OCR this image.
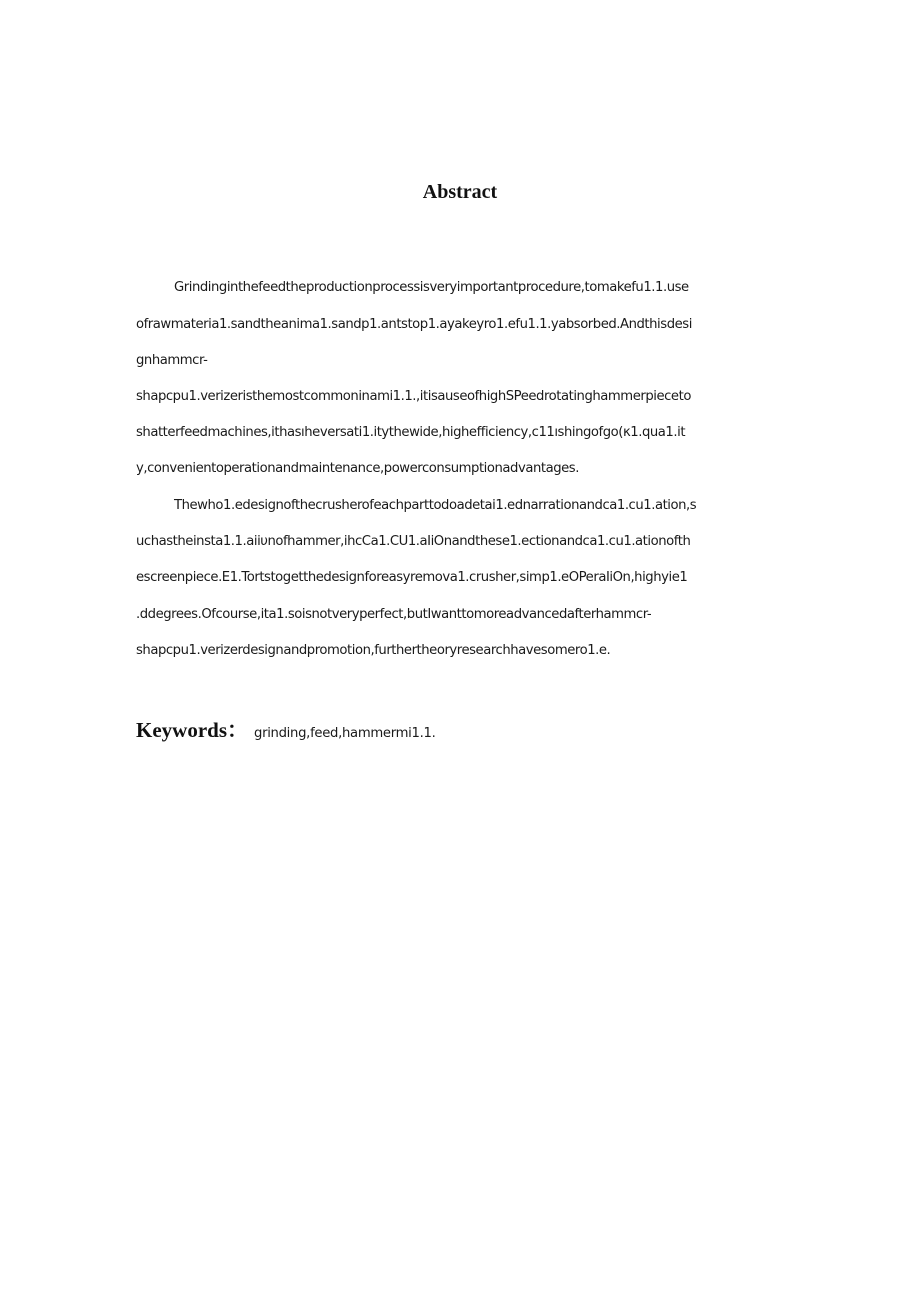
Abstract
Grindinginthefeedtheproductionprocessisveryimportantprocedure,tomakefu1.1.use
ofrawmateria1.sandtheanima1.sandp1.antstop1.ayakeyro1.efu1.1.yabsorbed.Andthisdesi
gnhammcr-
shapcpu1.verizeristhemostcommoninami1.1.,itisauseofhighSPeedrotatinghammerpieceto
shatterfeedmachines,ithasıheversati1.itythewide,highefficiency,c11ıshingofgo(κ1.qua1.it
y,convenientoperationandmaintenance,powerconsumptionadvantages.
Thewho1.edesignofthecrusherofeachparttodoadetai1.ednarrationandca1.cu1.ation,s
uchastheinsta1.1.aiiυnofhammer,ihcCa1.CU1.aIiOnandthese1.ectionandca1.cu1.ationofth
escreenpiece.E1.Tortstogetthedesignforeasyremova1.crusher,simp1.eOPeraIiOn,highyie1
.ddegrees.Ofcourse,ita1.soisnotveryperfect,butIwanttomoreadvancedafterhammcr-
shapcpu1.verizerdesignandpromotion,furthertheoryresearchhavesomero1.e.
Keywords： grinding,feed,hammermi1.1.
